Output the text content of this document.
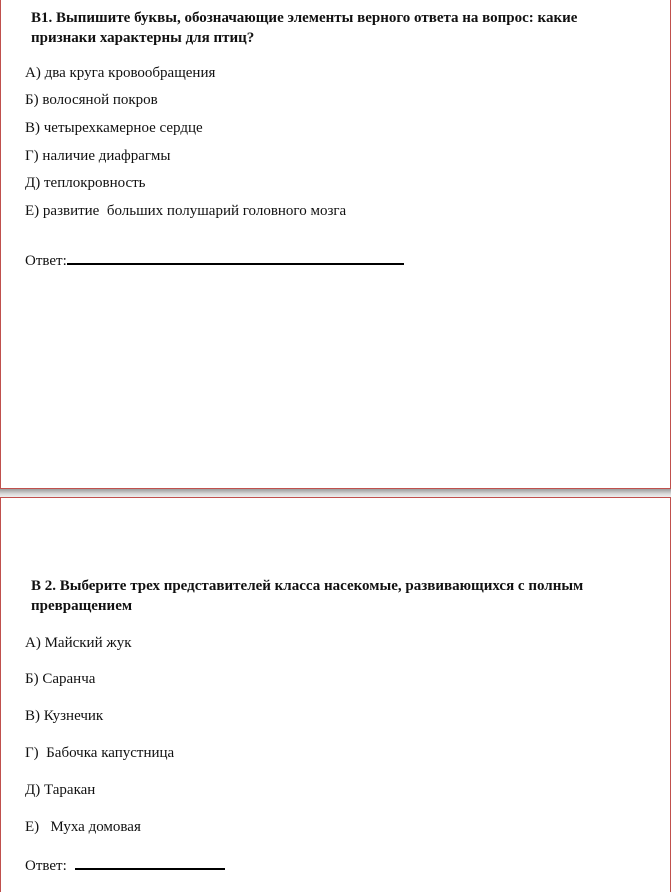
В1. Выпишите буквы, обозначающие элементы верного ответа на вопрос: какие признаки характерны для птиц?

А) два круга кровообращения

Б) волосяной покров

В) четырехкамерное сердце

Г) наличие диафрагмы

Д) теплокровность

Е) развитие  больших полушарий головного мозга

Ответ:
В 2. Выберите трех представителей класса насекомые, развивающихся с полным превращением

А) Майский жук

Б) Саранча

В) Кузнечик

Г)  Бабочка капустница

Д) Таракан

Е)   Муха домовая

Ответ:
